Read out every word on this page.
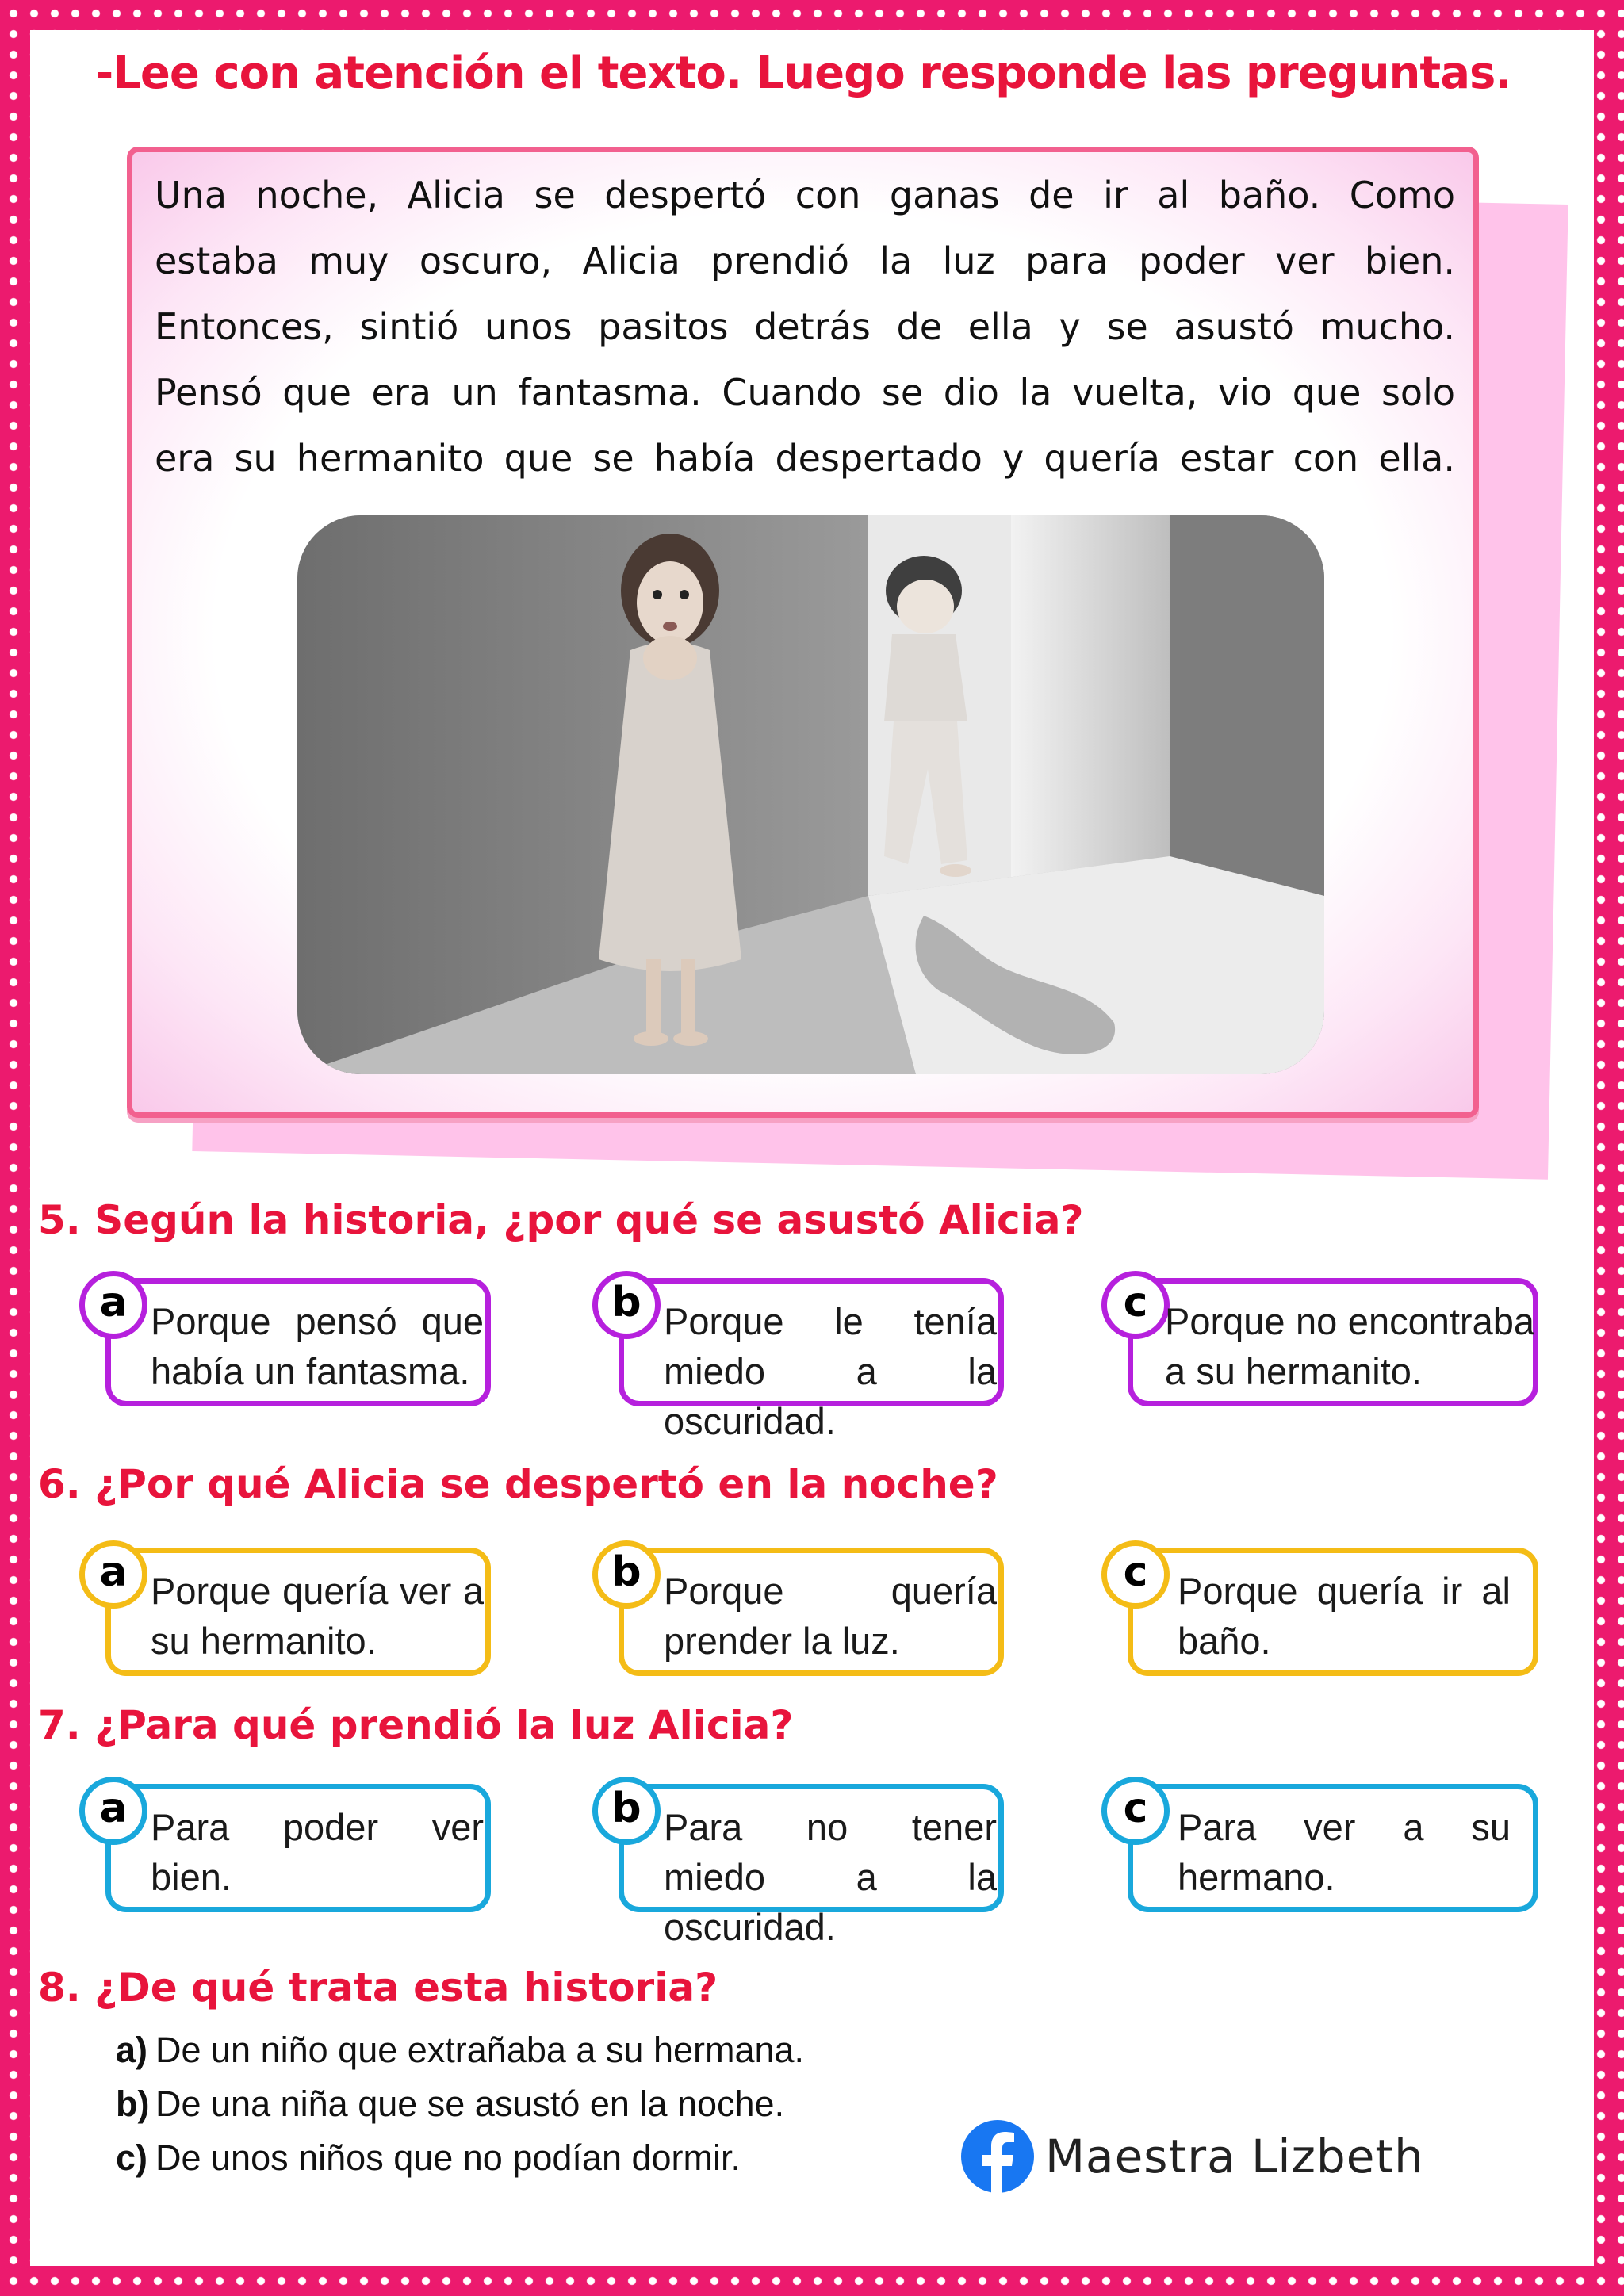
-Lee con atención el texto. Luego responde las preguntas.
Una noche, Alicia se despertó con ganas de ir al baño. Como
estaba muy oscuro, Alicia prendió la luz para poder ver bien.
Entonces, sintió unos pasitos detrás de ella y se asustó mucho.
Pensó que era un fantasma. Cuando se dio la vuelta, vio que solo
era su hermanito que se había despertado y quería estar con ella.
5. Según la historia, ¿por qué se asustó Alicia?
a Porque pensó que había un fantasma.
b Porque le tenía miedo a la oscuridad.
c Porque no encontraba a su hermanito.
6. ¿Por qué Alicia se despertó en la noche?
a Porque quería ver a su hermanito.
b Porque quería prender la luz.
c Porque quería ir al baño.
7. ¿Para qué prendió la luz Alicia?
a Para poder ver bien.
b Para no tener miedo a la oscuridad.
c Para ver a su hermano.
8. ¿De qué trata esta historia?
a) De un niño que extrañaba a su hermana.
b) De una niña que se asustó en la noche.
c) De unos niños que no podían dormir.	Maestra Lizbeth
